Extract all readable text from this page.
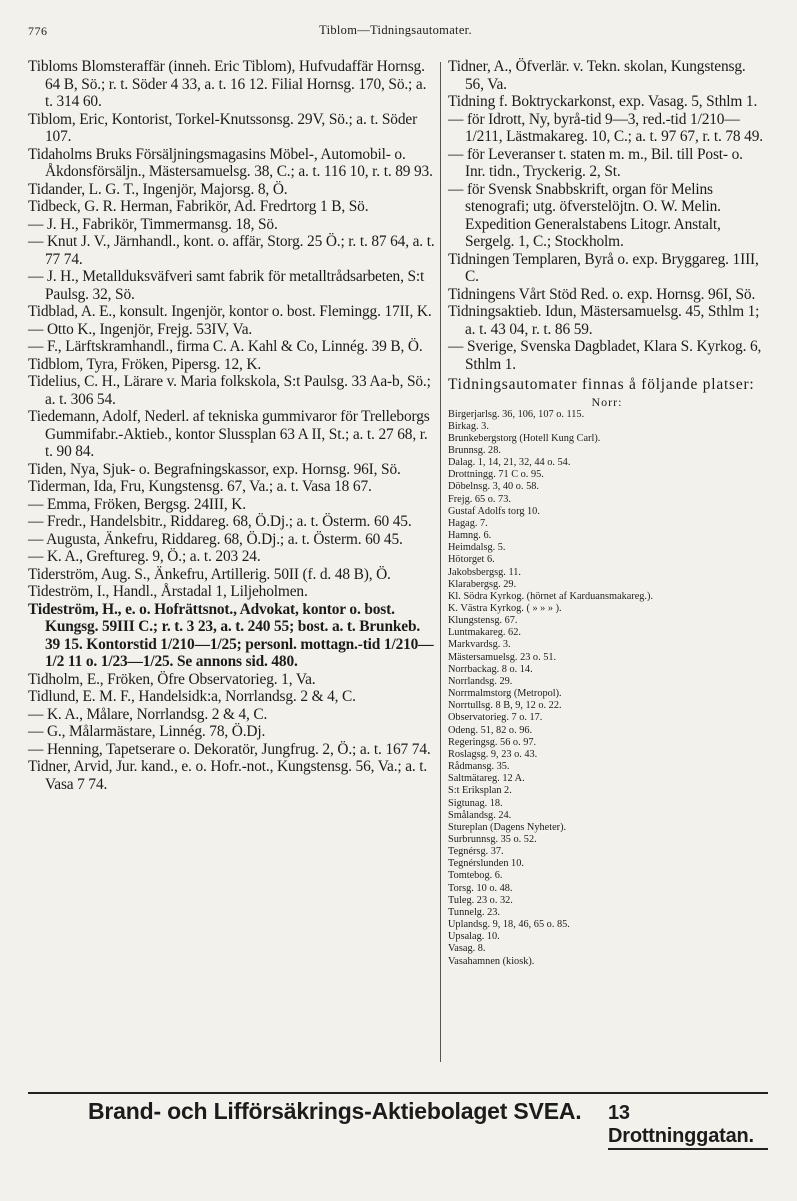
776	Tiblom—Tidningsautomater.

Tibloms Blomsteraffär (inneh. Eric Tiblom), Hufvudaffär Hornsg. 64 B, Sö.; r. t. Söder 4 33, a. t. 16 12. Filial Hornsg. 170, Sö.; a. t. 314 60.

Tiblom, Eric, Kontorist, Torkel-Knutssonsg. 29V, Sö.; a. t. Söder 107.

Tidaholms Bruks Försäljningsmagasins Möbel-, Automobil- o. Åkdonsförsäljn., Mästersamuelsg. 38, C.; a. t. 116 10, r. t. 89 93.

Tidander, L. G. T., Ingenjör, Majorsg. 8, Ö.

Tidbeck, G. R. Herman, Fabrikör, Ad. Fredrtorg 1 B, Sö.

— J. H., Fabrikör, Timmermansg. 18, Sö.

— Knut J. V., Järnhandl., kont. o. affär, Storg. 25 Ö.; r. t. 87 64, a. t. 77 74.

— J. H., Metallduksväfveri samt fabrik för metalltrådsarbeten, S:t Paulsg. 32, Sö.

Tidblad, A. E., konsult. Ingenjör, kontor o. bost. Flemingg. 17II, K.

— Otto K., Ingenjör, Frejg. 53IV, Va.

— F., Lärftskramhandl., firma C. A. Kahl & Co, Linnég. 39 B, Ö.

Tidblom, Tyra, Fröken, Pipersg. 12, K.

Tidelius, C. H., Lärare v. Maria folkskola, S:t Paulsg. 33 Aa-b, Sö.; a. t. 306 54.

Tiedemann, Adolf, Nederl. af tekniska gummivaror för Trelleborgs Gummifabr.-Aktieb., kontor Slussplan 63 A II, St.; a. t. 27 68, r. t. 90 84.

Tiden, Nya, Sjuk- o. Begrafningskassor, exp. Hornsg. 96I, Sö.

Tiderman, Ida, Fru, Kungstensg. 67, Va.; a. t. Vasa 18 67.

— Emma, Fröken, Bergsg. 24III, K.

— Fredr., Handelsbitr., Riddareg. 68, Ö.Dj.; a. t. Österm. 60 45.

— Augusta, Änkefru, Riddareg. 68, Ö.Dj.; a. t. Österm. 60 45.

— K. A., Greftureg. 9, Ö.; a. t. 203 24.

Tiderström, Aug. S., Änkefru, Artillerig. 50II (f. d. 48 B), Ö.

Tideström, I., Handl., Årstadal 1, Liljeholmen.

Tideström, H., e. o. Hofrättsnot., Advokat, kontor o. bost. Kungsg. 59III C.; r. t. 3 23, a. t. 240 55; bost. a. t. Brunkeb. 39 15. Kontorstid 1/210—1/25; personl. mottagn.-tid 1/210—1/2 11 o. 1/23—1/25. Se annons sid. 480.

Tidholm, E., Fröken, Öfre Observatorieg. 1, Va.

Tidlund, E. M. F., Handelsidk:a, Norrlandsg. 2 & 4, C.

— K. A., Målare, Norrlandsg. 2 & 4, C.

— G., Målarmästare, Linnég. 78, Ö.Dj.

— Henning, Tapetserare o. Dekoratör, Jungfrug. 2, Ö.; a. t. 167 74.

Tidner, Arvid, Jur. kand., e. o. Hofr.-not., Kungstensg. 56, Va.; a. t. Vasa 7 74.

Tidner, A., Öfverlär. v. Tekn. skolan, Kungstensg. 56, Va.

Tidning f. Boktryckarkonst, exp. Vasag. 5, Sthlm 1.

— för Idrott, Ny, byrå-tid 9—3, red.-tid 1/210—1/211, Lästmakareg. 10, C.; a. t. 97 67, r. t. 78 49.

— för Leveranser t. staten m. m., Bil. till Post- o. Inr. tidn., Tryckerig. 2, St.

— för Svensk Snabbskrift, organ för Melins stenografi; utg. öfverstelöjtn. O. W. Melin. Expedition Generalstabens Litogr. Anstalt, Sergelg. 1, C.; Stockholm.

Tidningen Templaren, Byrå o. exp. Bryggareg. 1III, C.

Tidningens Vårt Stöd Red. o. exp. Hornsg. 96I, Sö.

Tidningsaktieb. Idun, Mästersamuelsg. 45, Sthlm 1; a. t. 43 04, r. t. 86 59.

— Sverige, Svenska Dagbladet, Klara S. Kyrkog. 6, Sthlm 1.

Tidningsautomater finnas å följande platser:
Norr:
Birgerjarlsg. 36, 106, 107 o. 115.
Birkag. 3.
Brunkebergstorg (Hotell Kung Carl).
Brunnsg. 28.
Dalag. 1, 14, 21, 32, 44 o. 54.
Drottningg. 71 C o. 95.
Döbelnsg. 3, 40 o. 58.
Frejg. 65 o. 73.
Gustaf Adolfs torg 10.
Hagag. 7.
Hamng. 6.
Heimdalsg. 5.
Hötorget 6.
Jakobsbergsg. 11.
Klarabergsg. 29.
Kl. Södra Kyrkog. (hörnet af Karduansmakareg.).
K. Västra Kyrkog. ( » » » ).
Klungstensg. 67.
Luntmakareg. 62.
Markvardsg. 3.
Mästersamuelsg. 23 o. 51.
Norrbackag. 8 o. 14.
Norrlandsg. 29.
Norrmalmstorg (Metropol).
Norrtullsg. 8 B, 9, 12 o. 22.
Observatorieg. 7 o. 17.
Odeng. 51, 82 o. 96.
Regeringsg. 56 o. 97.
Roslagsg. 9, 23 o. 43.
Rådmansg. 35.
Saltmätareg. 12 A.
S:t Eriksplan 2.
Sigtunag. 18.
Smålandsg. 24.
Stureplan (Dagens Nyheter).
Surbrunnsg. 35 o. 52.
Tegnérsg. 37.
Tegnérslunden 10.
Tomtebog. 6.
Torsg. 10 o. 48.
Tuleg. 23 o. 32.
Tunnelg. 23.
Uplandsg. 9, 18, 46, 65 o. 85.
Upsalag. 10.
Vasag. 8.
Vasahamnen (kiosk).
Brand- och Lifförsäkrings-Aktiebolaget SVEA. 13 Drottninggatan.
